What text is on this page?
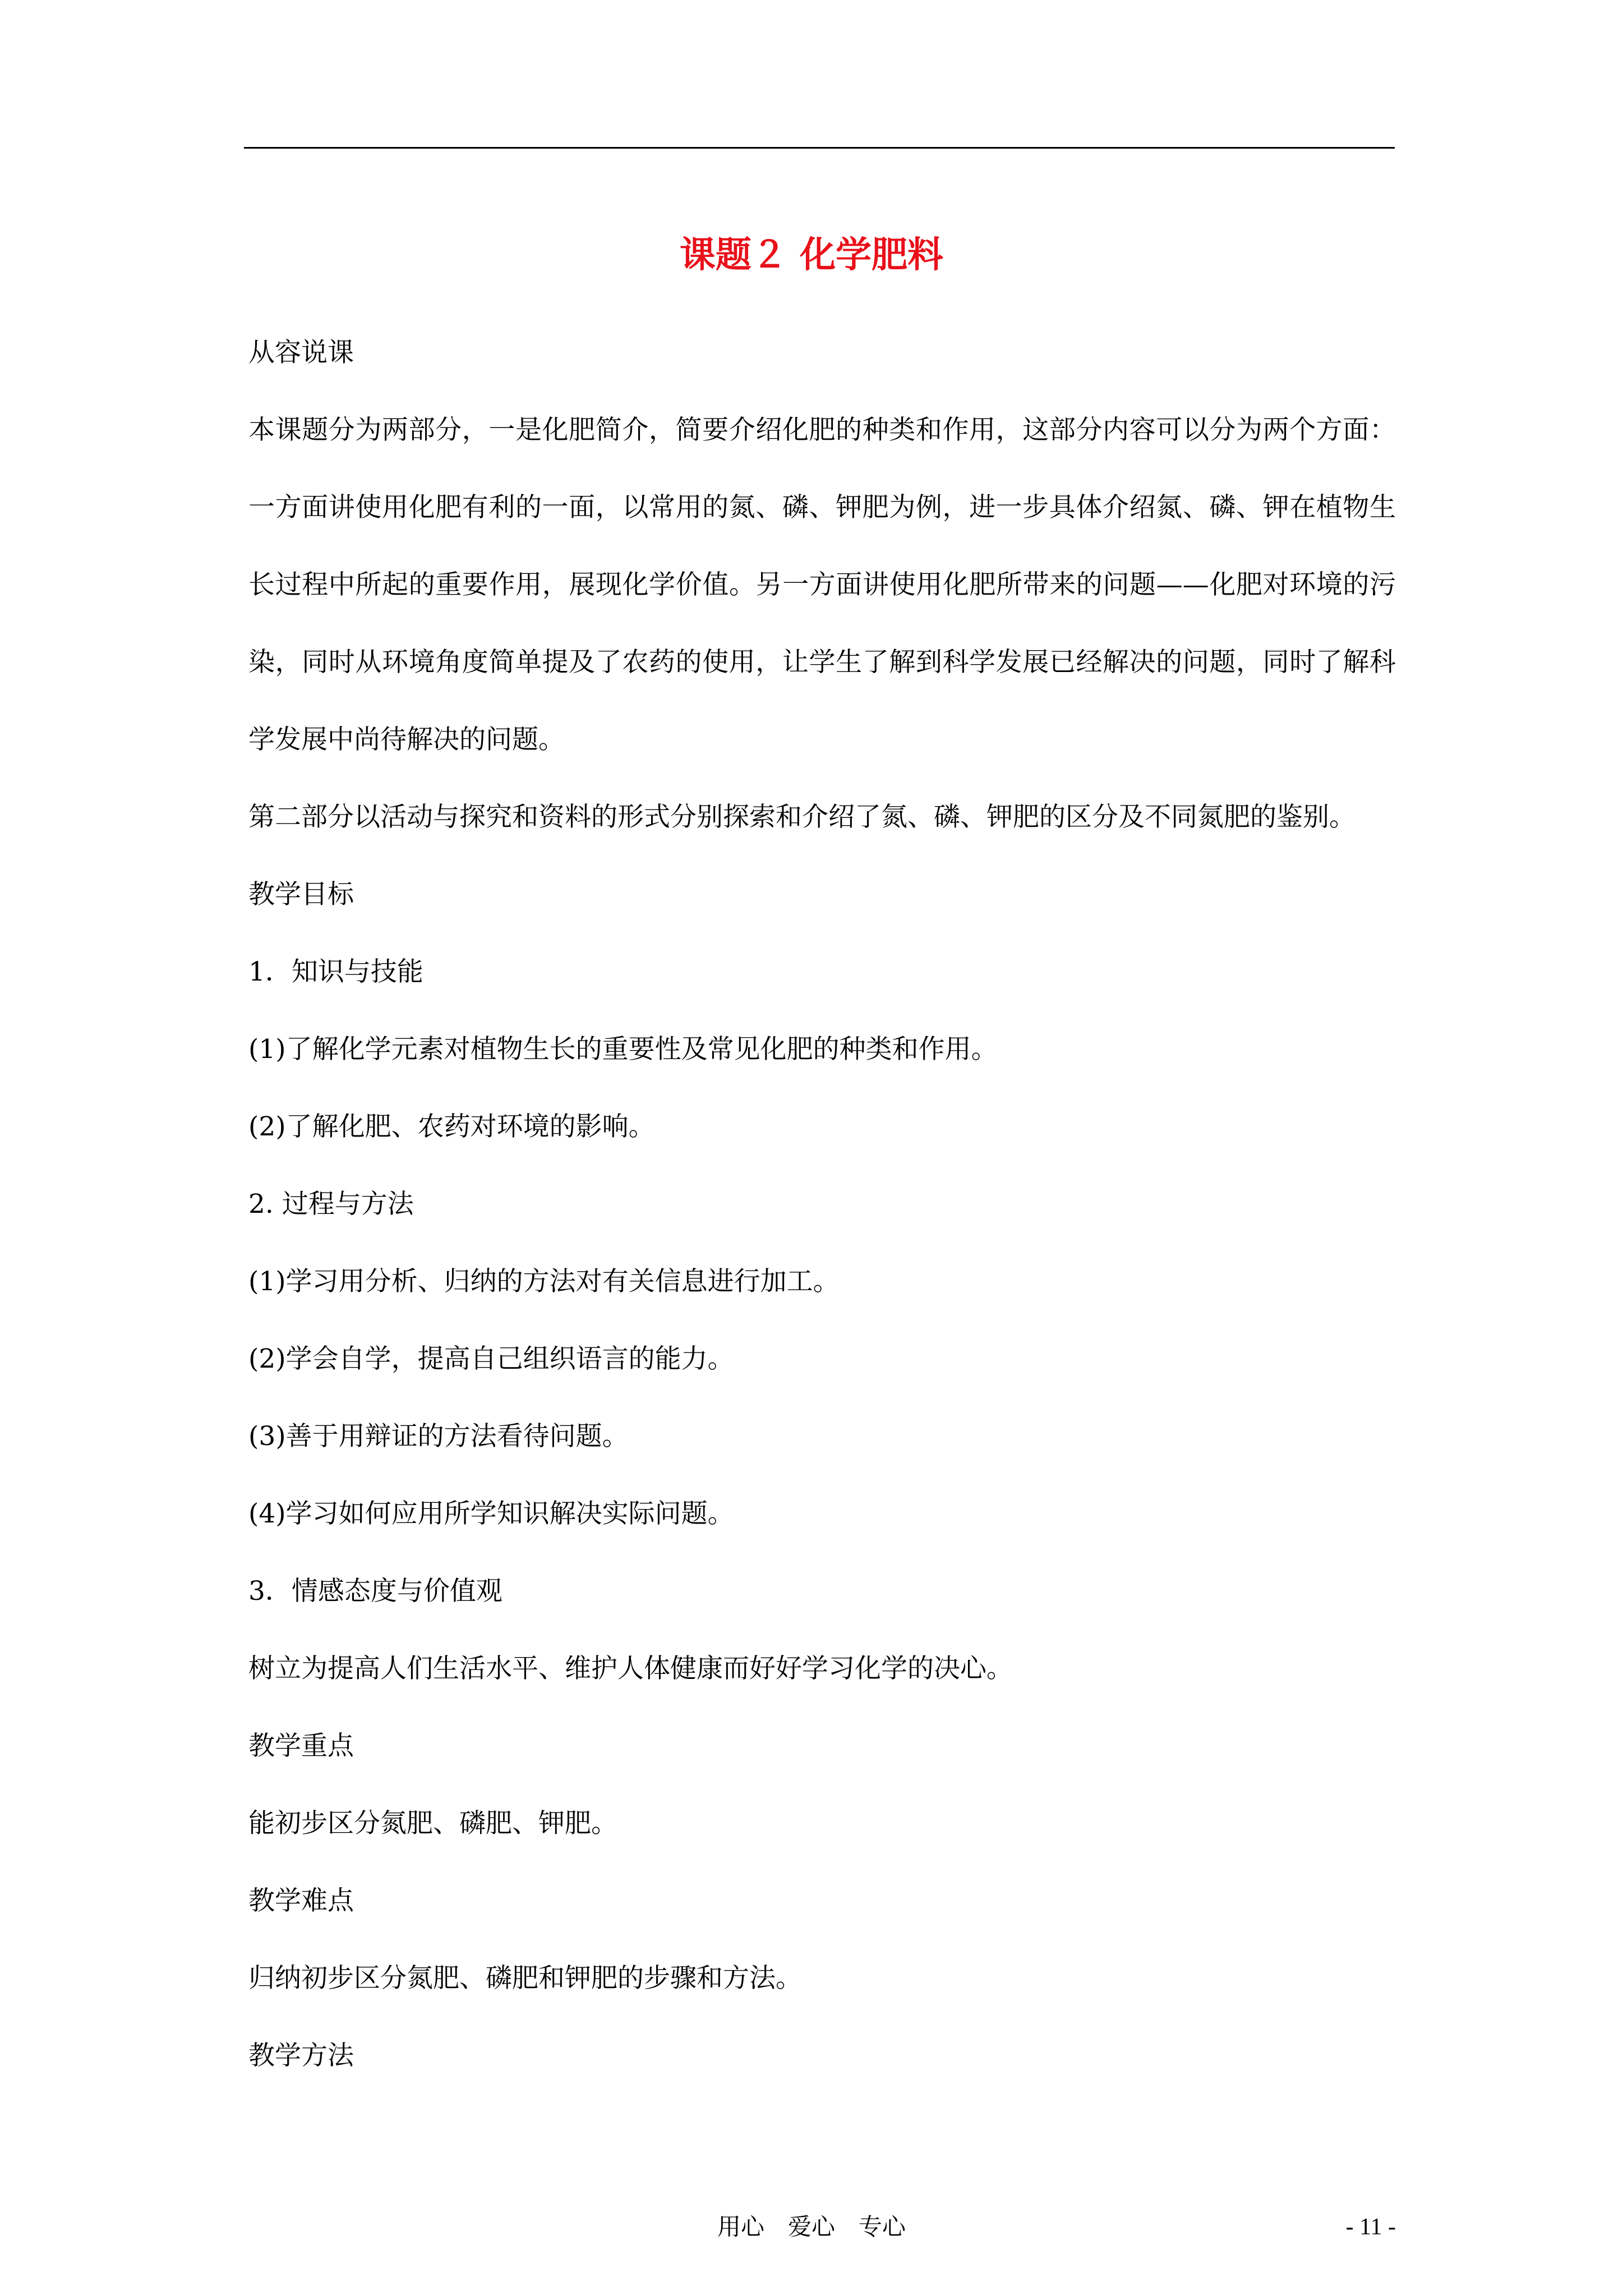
课题２ 化学肥料

从容说课

本课题分为两部分，一是化肥简介，简要介绍化肥的种类和作用，这部分内容可以分为两个方面：一方面讲使用化肥有利的一面，以常用的氮、磷、钾肥为例，进一步具体介绍氮、磷、钾在植物生长过程中所起的重要作用，展现化学价值。另一方面讲使用化肥所带来的问题——化肥对环境的污染，同时从环境角度简单提及了农药的使用，让学生了解到科学发展已经解决的问题，同时了解科学发展中尚待解决的问题。

第二部分以活动与探究和资料的形式分别探索和介绍了氮、磷、钾肥的区分及不同氮肥的鉴别。

教学目标

1．知识与技能

(1)了解化学元素对植物生长的重要性及常见化肥的种类和作用。

(2)了解化肥、农药对环境的影响。

2. 过程与方法

(1)学习用分析、归纳的方法对有关信息进行加工。

(2)学会自学，提高自己组织语言的能力。

(3)善于用辩证的方法看待问题。

(4)学习如何应用所学知识解决实际问题。

3．情感态度与价值观

树立为提高人们生活水平、维护人体健康而好好学习化学的决心。

教学重点

能初步区分氮肥、磷肥、钾肥。

教学难点

归纳初步区分氮肥、磷肥和钾肥的步骤和方法。

教学方法

用心　爱心　专心	- 11 -
